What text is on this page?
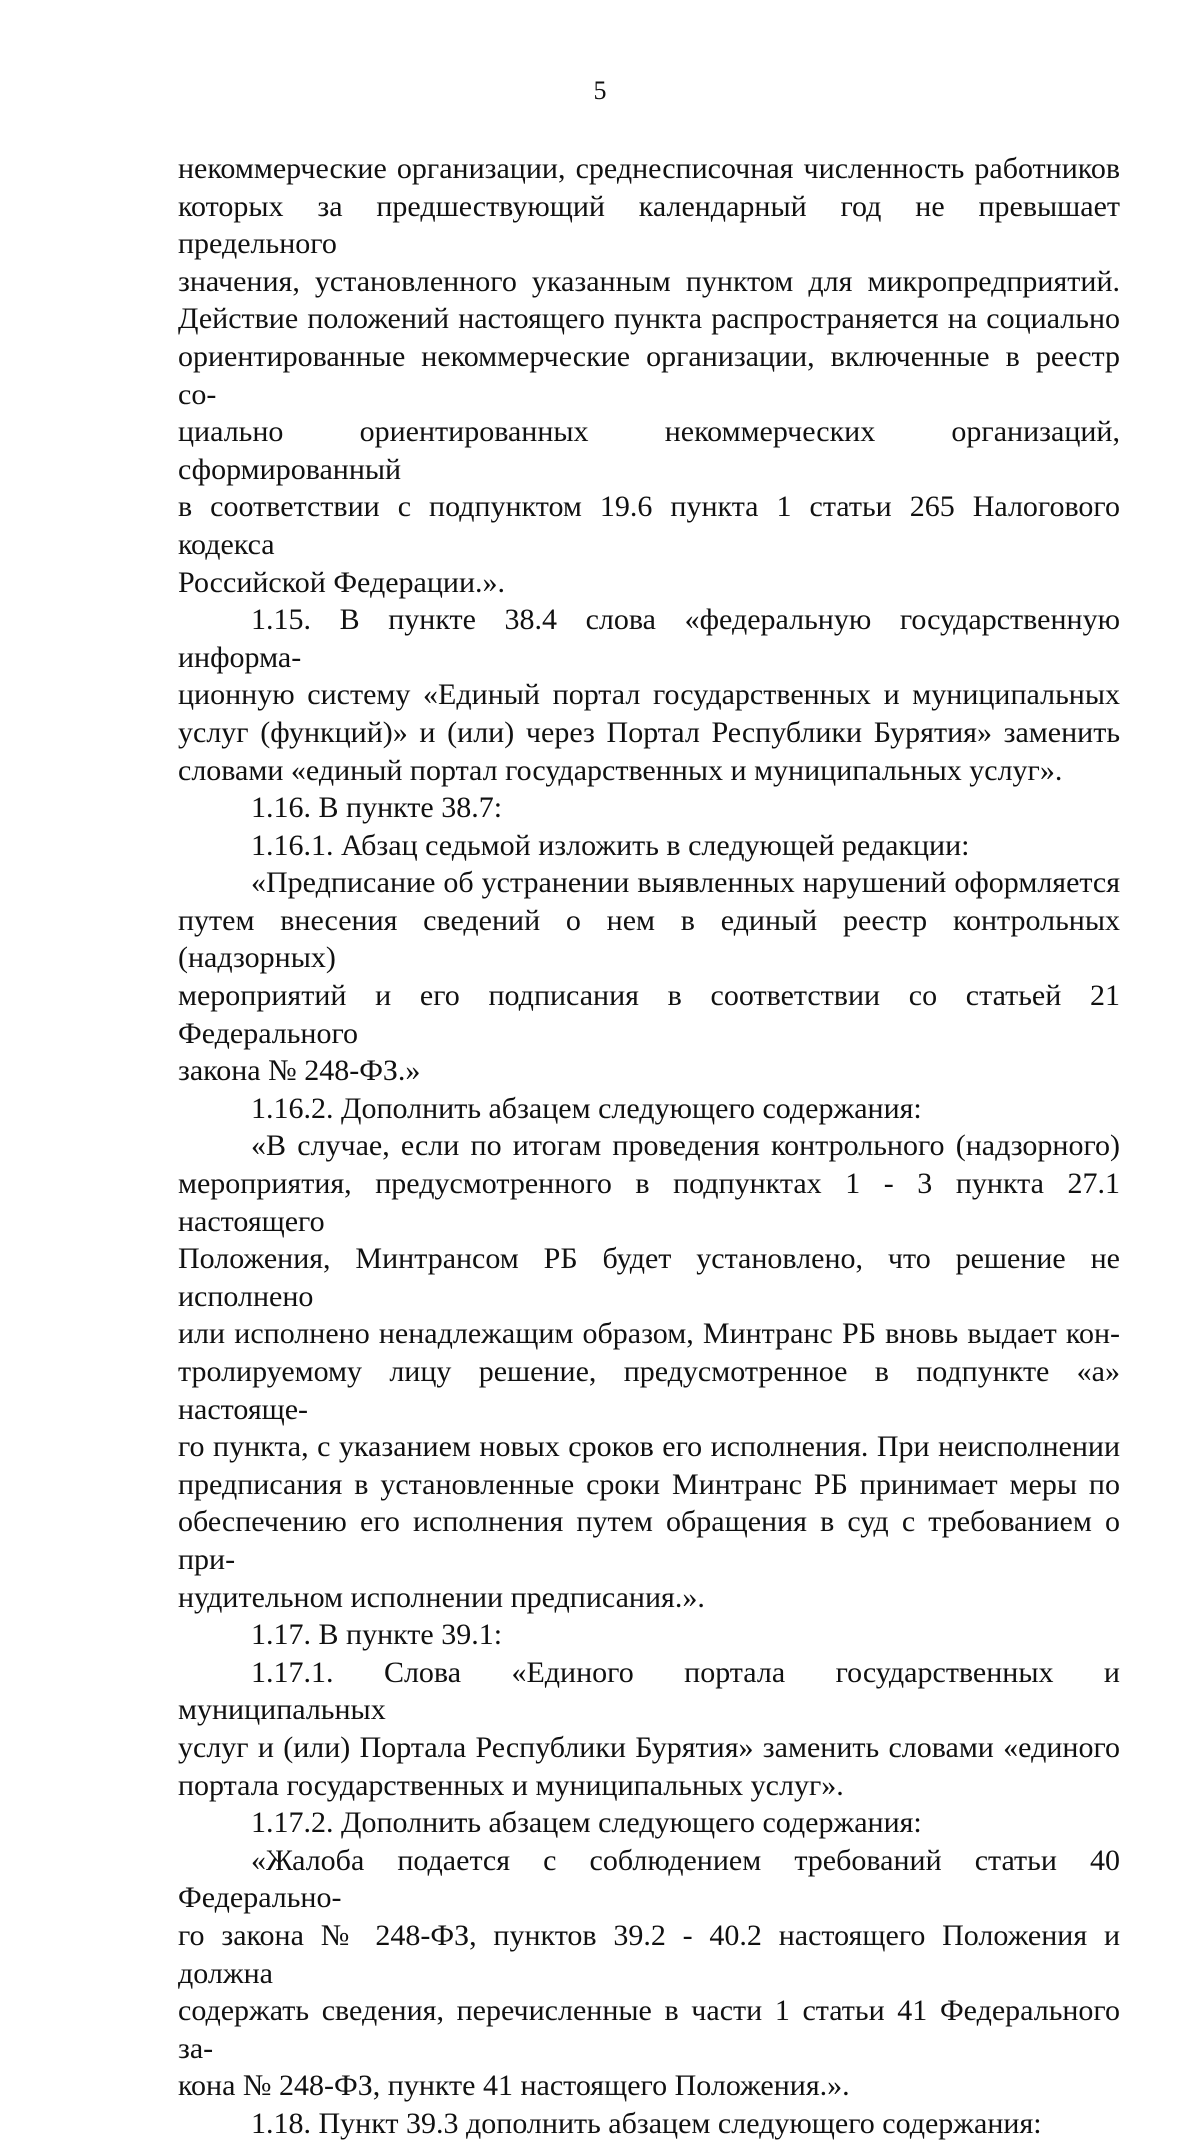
5

некоммерческие организации, среднесписочная численность работников

которых за предшествующий календарный год не превышает предельного

значения, установленного указанным пунктом для микропредприятий.

Действие положений настоящего пункта распространяется на социально

ориентированные некоммерческие организации, включенные в реестр со-

циально ориентированных некоммерческих организаций, сформированный

в соответствии с подпунктом 19.6 пункта 1 статьи 265 Налогового кодекса

Российской Федерации.».

1.15. В пункте 38.4 слова «федеральную государственную информа-

ционную систему «Единый портал государственных и муниципальных

услуг (функций)» и (или) через Портал Республики Бурятия» заменить

словами «единый портал государственных и муниципальных услуг».

1.16. В пункте 38.7:

1.16.1. Абзац седьмой изложить в следующей редакции:

«Предписание об устранении выявленных нарушений оформляется

путем внесения сведений о нем в единый реестр контрольных (надзорных)

мероприятий и его подписания в соответствии со статьей 21 Федерального

закона № 248-ФЗ.»

1.16.2. Дополнить абзацем следующего содержания:

«В случае, если по итогам проведения контрольного (надзорного)

мероприятия, предусмотренного в подпунктах 1 - 3 пункта 27.1 настоящего

Положения, Минтрансом РБ будет установлено, что решение не исполнено

или исполнено ненадлежащим образом, Минтранс РБ вновь выдает кон-

тролируемому лицу решение, предусмотренное в подпункте «а» настояще-

го пункта, с указанием новых сроков его исполнения. При неисполнении

предписания в установленные сроки Минтранс РБ принимает меры по

обеспечению его исполнения путем обращения в суд с требованием о при-

нудительном исполнении предписания.».

1.17. В пункте 39.1:

1.17.1. Слова «Единого портала государственных и муниципальных

услуг и (или) Портала Республики Бурятия» заменить словами «единого

портала государственных и муниципальных услуг».

1.17.2. Дополнить абзацем следующего содержания:

«Жалоба подается с соблюдением требований статьи 40 Федерально-

го закона № 248-ФЗ, пунктов 39.2 - 40.2 настоящего Положения и должна

содержать сведения, перечисленные в части 1 статьи 41 Федерального за-

кона № 248-ФЗ, пункте 41 настоящего Положения.».

1.18. Пункт 39.3 дополнить абзацем следующего содержания:
